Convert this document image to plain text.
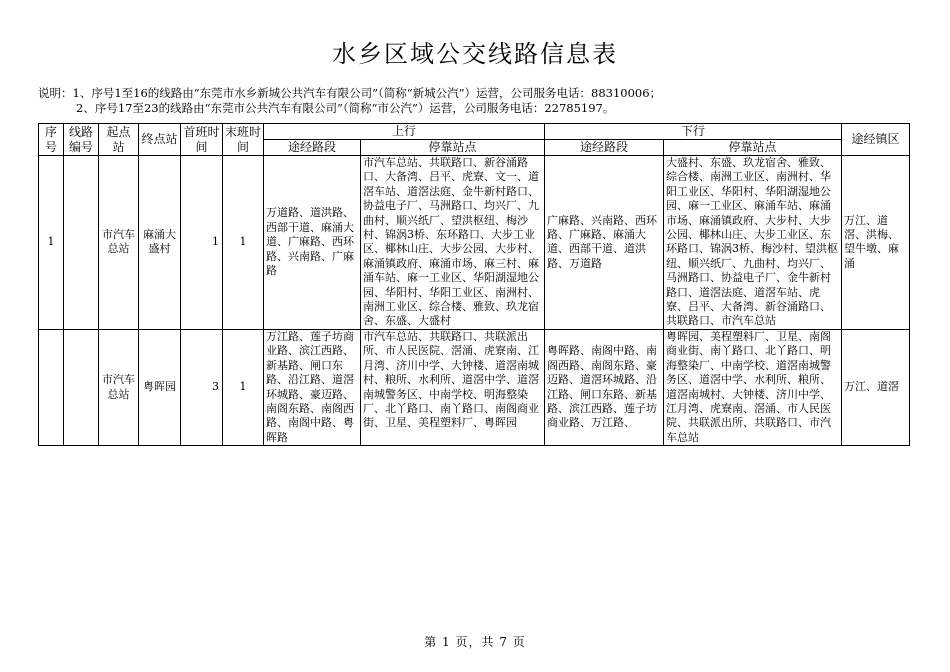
水乡区域公交线路信息表
说明：1、序号1至16的线路由“东莞市水乡新城公共汽车有限公司”（简称“新城公汽”）运营，公司服务电话：88310006；
2、序号17至23的线路由“东莞市公共汽车有限公司”（简称“市公汽”）运营，公司服务电话：22785197。
序号	线路编号	起点站	终点站	首班时间	末班时间	上行		下行		途经镇区
						途经路段	停靠站点	途经路段	停靠站点	
1		市汽车总站	麻涌大盛村	1	1	万道路、道洪路、西部干道、麻涌大道、广麻路、西环路、兴南路、广麻路	市汽车总站、共联路口、新谷涌路口、大备湾、吕平、虎寮、文一、道滘车站、道滘法庭、金牛新村路口、协益电子厂、马洲路口、均兴厂、九曲村、顺兴纸厂、望洪枢纽、梅沙村、锦涡3桥、东环路口、大步工业区、椰林山庄、大步公园、大步村、麻涌镇政府、麻涌市场、麻三村、麻涌车站、麻一工业区、华阳湖湿地公园、华阳村、华阳工业区、南洲村、南洲工业区、综合楼、雅致、玖龙宿舍、东盛、大盛村	广麻路、兴南路、西环路、广麻路、麻涌大道、西部干道、道洪路、万道路	大盛村、东盛、玖龙宿舍、雅致、综合楼、南洲工业区、南洲村、华阳工业区、华阳村、华阳湖湿地公园、麻一工业区、麻涌车站、麻涌市场、麻涌镇政府、大步村、大步公园、椰林山庄、大步工业区、东环路口、锦涡3桥、梅沙村、望洪枢纽、顺兴纸厂、九曲村、均兴厂、马洲路口、协益电子厂、金牛新村路口、道滘法庭、道滘车站、虎寮、吕平、大备湾、新谷涌路口、共联路口、市汽车总站	万江、道滘、洪梅、望牛墩、麻涌
		市汽车总站	粤晖园	3	1	万江路、莲子坊商业路、滨江西路、新基路、闸口东路、沿江路、道滘环城路、豪迈路、南阁东路、南阁西路、南阁中路、粤晖路	市汽车总站、共联路口、共联派出所、市人民医院、滘涌、虎寮南、江月湾、济川中学、大钟楼、道滘南城村、粮所、水利所、道滘中学、道滘南城警务区、中南学校、明海整染厂、北丫路口、南丫路口、南阁商业街、卫星、美程塑料厂、粤晖园	粤晖路、南阁中路、南阁西路、南阁东路、豪迈路、道滘环城路、沿江路、闸口东路、新基路、滨江西路、莲子坊商业路、万江路、	粤晖园、美程塑料厂、卫星、南阁商业街、南丫路口、北丫路口、明海整染厂、中南学校、道滘南城警务区、道滘中学、水利所、粮所、道滘南城村、大钟楼、济川中学、江月湾、虎寮南、滘涌、市人民医院、共联派出所、共联路口、市汽车总站	万江、道滘
第 1 页，共 7 页
